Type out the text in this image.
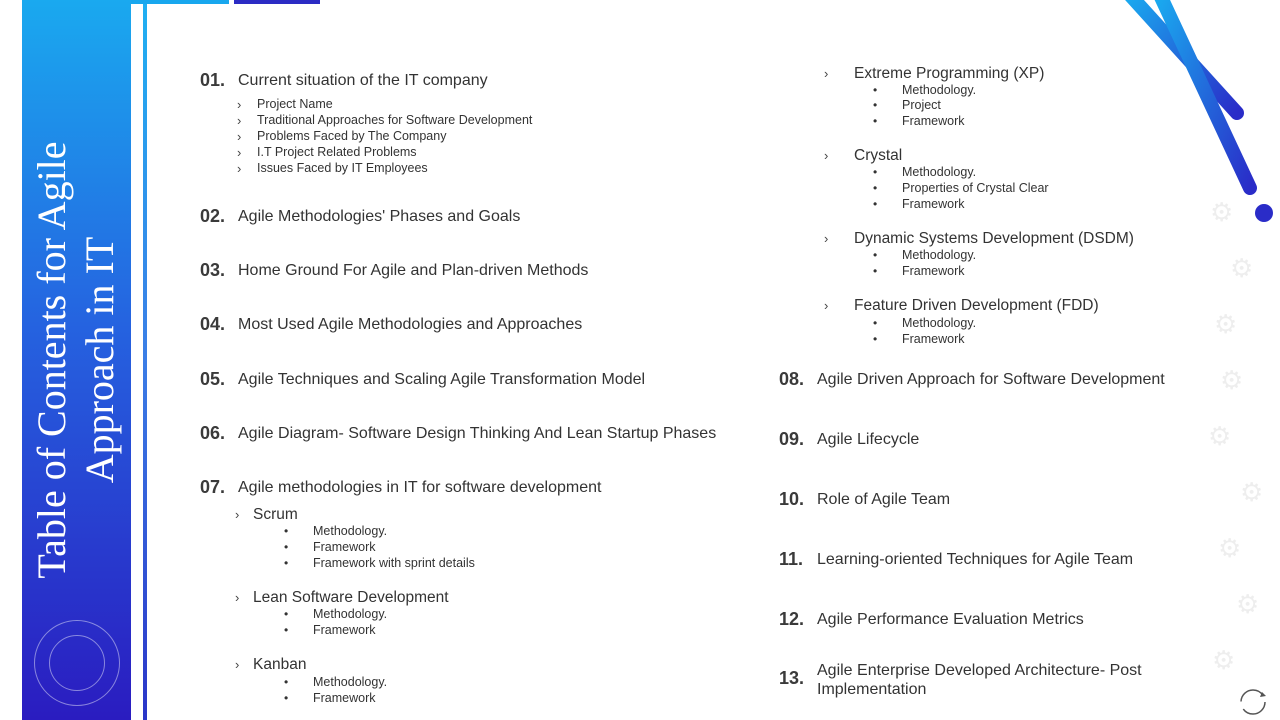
Table of Contents for Agile Approach in IT
⚙
⚙
⚙
⚙
⚙
⚙
⚙
⚙
⚙
01. Current situation of the IT company
› Project Name
› Traditional Approaches for Software Development
› Problems Faced by The Company
› I.T Project Related Problems
› Issues Faced by IT Employees
02. Agile Methodologies' Phases and Goals
03. Home Ground For Agile and Plan-driven Methods
04. Most Used Agile Methodologies and Approaches
05. Agile Techniques and Scaling Agile Transformation Model
06. Agile Diagram- Software Design Thinking And Lean Startup Phases
07. Agile methodologies in IT for software development
› Scrum
• Methodology.
• Framework
• Framework with sprint details
› Lean Software Development
• Methodology.
• Framework
› Kanban
• Methodology.
• Framework
› Extreme Programming (XP)
• Methodology.
• Project
• Framework
› Crystal
• Methodology.
• Properties of Crystal Clear
• Framework
› Dynamic Systems Development (DSDM)
• Methodology.
• Framework
› Feature Driven Development (FDD)
• Methodology.
• Framework
08. Agile Driven Approach for Software Development
09. Agile Lifecycle
10. Role of Agile Team
11. Learning-oriented Techniques for Agile Team
12. Agile Performance Evaluation Metrics
13. Agile Enterprise Developed Architecture- Post Implementation
